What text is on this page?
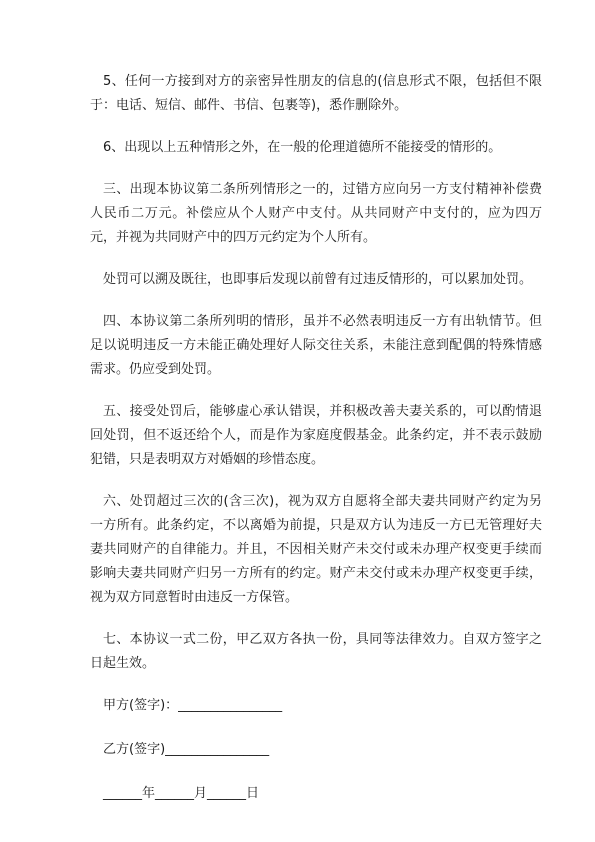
5、任何一方接到对方的亲密异性朋友的信息的(信息形式不限，包括但不限于：电话、短信、邮件、书信、包裹等)，悉作删除外。

6、出现以上五种情形之外，在一般的伦理道德所不能接受的情形的。

三、出现本协议第二条所列情形之一的，过错方应向另一方支付精神补偿费人民币二万元。补偿应从个人财产中支付。从共同财产中支付的，应为四万元，并视为共同财产中的四万元约定为个人所有。

处罚可以溯及既往，也即事后发现以前曾有过违反情形的，可以累加处罚。

四、本协议第二条所列明的情形，虽并不必然表明违反一方有出轨情节。但足以说明违反一方未能正确处理好人际交往关系，未能注意到配偶的特殊情感需求。仍应受到处罚。

五、接受处罚后，能够虚心承认错误，并积极改善夫妻关系的，可以酌情退回处罚，但不返还给个人，而是作为家庭度假基金。此条约定，并不表示鼓励犯错，只是表明双方对婚姻的珍惜态度。

六、处罚超过三次的(含三次)，视为双方自愿将全部夫妻共同财产约定为另一方所有。此条约定，不以离婚为前提，只是双方认为违反一方已无管理好夫妻共同财产的自律能力。并且，不因相关财产未交付或未办理产权变更手续而影响夫妻共同财产归另一方所有的约定。财产未交付或未办理产权变更手续，视为双方同意暂时由违反一方保管。

七、本协议一式二份，甲乙双方各执一份，具同等法律效力。自双方签字之日起生效。

甲方(签字)：________________

乙方(签字)________________

______年______月______日
